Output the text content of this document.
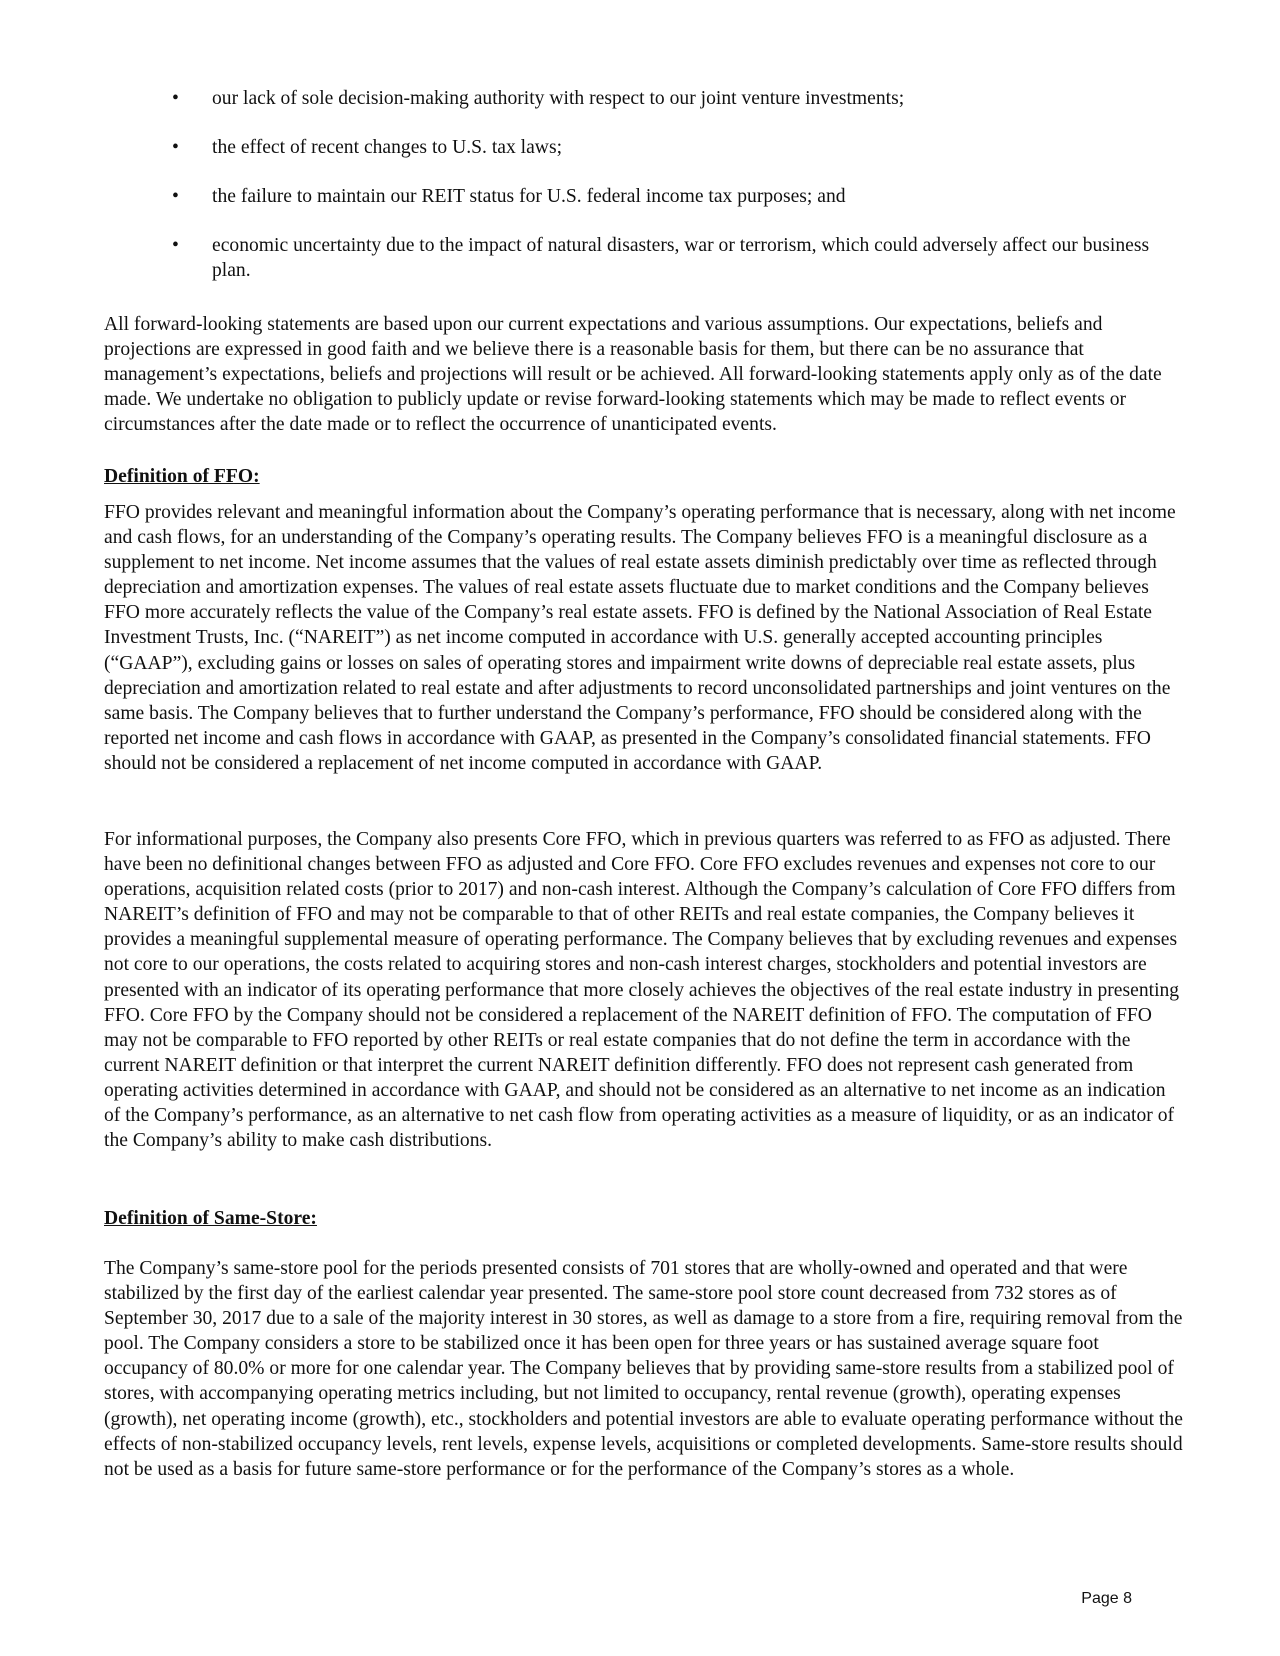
•	our lack of sole decision-making authority with respect to our joint venture investments;
•	the effect of recent changes to U.S. tax laws;
•	the failure to maintain our REIT status for U.S. federal income tax purposes; and
•	economic uncertainty due to the impact of natural disasters, war or terrorism, which could adversely affect our business plan.

All forward-looking statements are based upon our current expectations and various assumptions. Our expectations, beliefs and projections are expressed in good faith and we believe there is a reasonable basis for them, but there can be no assurance that management’s expectations, beliefs and projections will result or be achieved. All forward-looking statements apply only as of the date made. We undertake no obligation to publicly update or revise forward-looking statements which may be made to reflect events or circumstances after the date made or to reflect the occurrence of unanticipated events.

Definition of FFO:

FFO provides relevant and meaningful information about the Company’s operating performance that is necessary, along with net income and cash flows, for an understanding of the Company’s operating results. The Company believes FFO is a meaningful disclosure as a supplement to net income. Net income assumes that the values of real estate assets diminish predictably over time as reflected through depreciation and amortization expenses. The values of real estate assets fluctuate due to market conditions and the Company believes FFO more accurately reflects the value of the Company’s real estate assets. FFO is defined by the National Association of Real Estate Investment Trusts, Inc. (“NAREIT”) as net income computed in accordance with U.S. generally accepted accounting principles (“GAAP”), excluding gains or losses on sales of operating stores and impairment write downs of depreciable real estate assets, plus depreciation and amortization related to real estate and after adjustments to record unconsolidated partnerships and joint ventures on the same basis. The Company believes that to further understand the Company’s performance, FFO should be considered along with the reported net income and cash flows in accordance with GAAP, as presented in the Company’s consolidated financial statements. FFO should not be considered a replacement of net income computed in accordance with GAAP.

For informational purposes, the Company also presents Core FFO, which in previous quarters was referred to as FFO as adjusted. There have been no definitional changes between FFO as adjusted and Core FFO. Core FFO excludes revenues and expenses not core to our operations, acquisition related costs (prior to 2017) and non-cash interest. Although the Company’s calculation of Core FFO differs from NAREIT’s definition of FFO and may not be comparable to that of other REITs and real estate companies, the Company believes it provides a meaningful supplemental measure of operating performance. The Company believes that by excluding revenues and expenses not core to our operations, the costs related to acquiring stores and non-cash interest charges, stockholders and potential investors are presented with an indicator of its operating performance that more closely achieves the objectives of the real estate industry in presenting FFO. Core FFO by the Company should not be considered a replacement of the NAREIT definition of FFO. The computation of FFO may not be comparable to FFO reported by other REITs or real estate companies that do not define the term in accordance with the current NAREIT definition or that interpret the current NAREIT definition differently. FFO does not represent cash generated from operating activities determined in accordance with GAAP, and should not be considered as an alternative to net income as an indication of the Company’s performance, as an alternative to net cash flow from operating activities as a measure of liquidity, or as an indicator of the Company’s ability to make cash distributions.

Definition of Same-Store:

The Company’s same-store pool for the periods presented consists of 701 stores that are wholly-owned and operated and that were stabilized by the first day of the earliest calendar year presented. The same-store pool store count decreased from 732 stores as of September 30, 2017 due to a sale of the majority interest in 30 stores, as well as damage to a store from a fire, requiring removal from the pool. The Company considers a store to be stabilized once it has been open for three years or has sustained average square foot occupancy of 80.0% or more for one calendar year. The Company believes that by providing same-store results from a stabilized pool of stores, with accompanying operating metrics including, but not limited to occupancy, rental revenue (growth), operating expenses (growth), net operating income (growth), etc., stockholders and potential investors are able to evaluate operating performance without the effects of non-stabilized occupancy levels, rent levels, expense levels, acquisitions or completed developments. Same-store results should not be used as a basis for future same-store performance or for the performance of the Company’s stores as a whole.

Page 8
